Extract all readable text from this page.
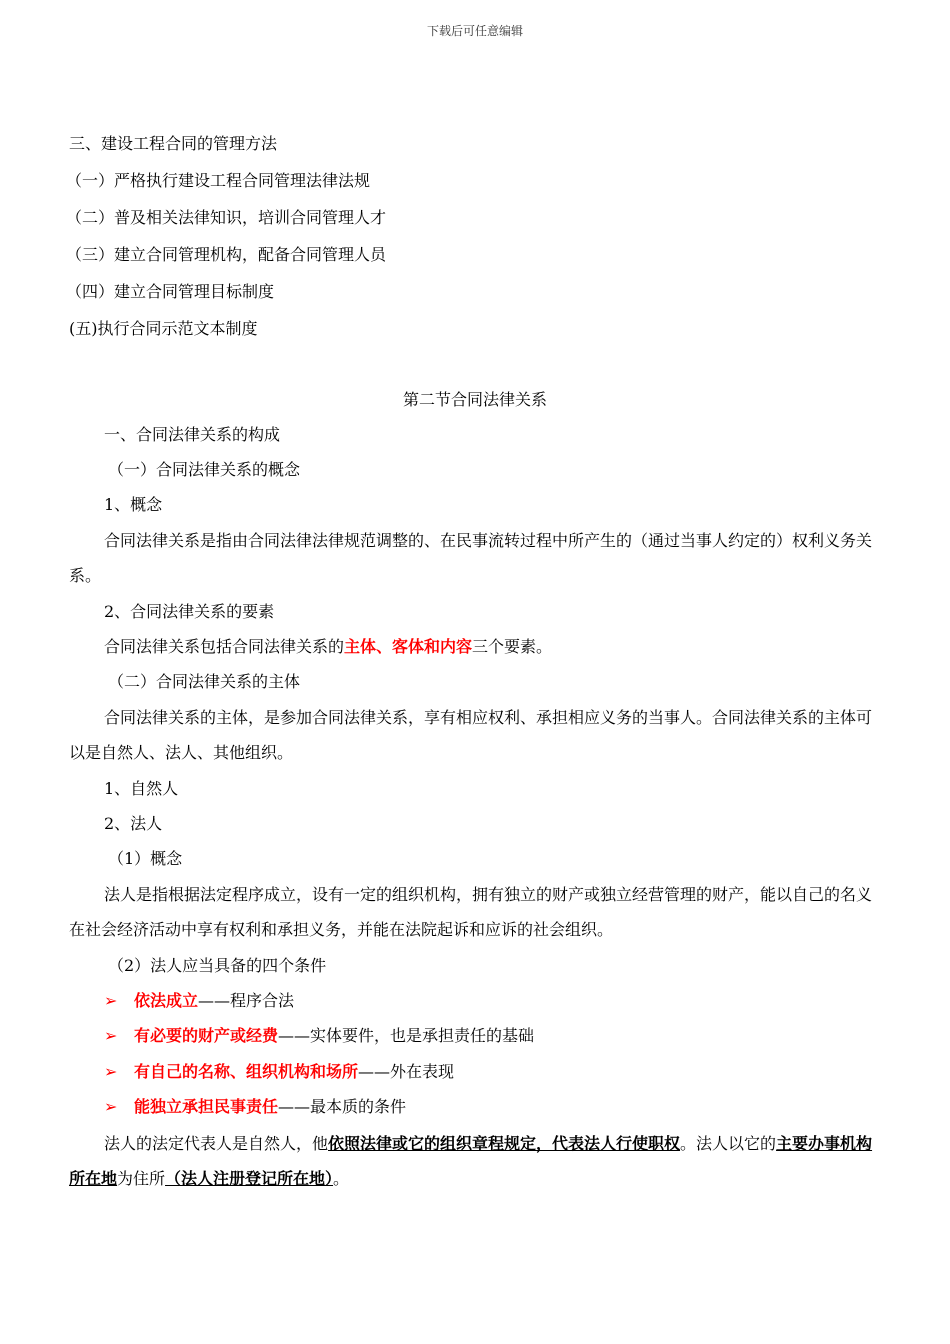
下载后可任意编辑
三、建设工程合同的管理方法
（一）严格执行建设工程合同管理法律法规
（二）普及相关法律知识，培训合同管理人才
（三）建立合同管理机构，配备合同管理人员
（四）建立合同管理目标制度
(五)执行合同示范文本制度
第二节合同法律关系
一、合同法律关系的构成
（一）合同法律关系的概念
1、概念
合同法律关系是指由合同法律法律规范调整的、在民事流转过程中所产生的（通过当事人约定的）权利义务关系。
2、合同法律关系的要素
合同法律关系包括合同法律关系的主体、客体和内容三个要素。
（二）合同法律关系的主体
合同法律关系的主体，是参加合同法律关系，享有相应权利、承担相应义务的当事人。合同法律关系的主体可以是自然人、法人、其他组织。
1、自然人
2、法人
（1）概念
法人是指根据法定程序成立，设有一定的组织机构，拥有独立的财产或独立经营管理的财产，能以自己的名义在社会经济活动中享有权利和承担义务，并能在法院起诉和应诉的社会组织。
（2）法人应当具备的四个条件
➢ 依法成立——程序合法
➢ 有必要的财产或经费——实体要件，也是承担责任的基础
➢ 有自己的名称、组织机构和场所——外在表现
➢ 能独立承担民事责任——最本质的条件
法人的法定代表人是自然人，他依照法律或它的组织章程规定，代表法人行使职权。法人以它的主要办事机构所在地为住所（法人注册登记所在地）。
